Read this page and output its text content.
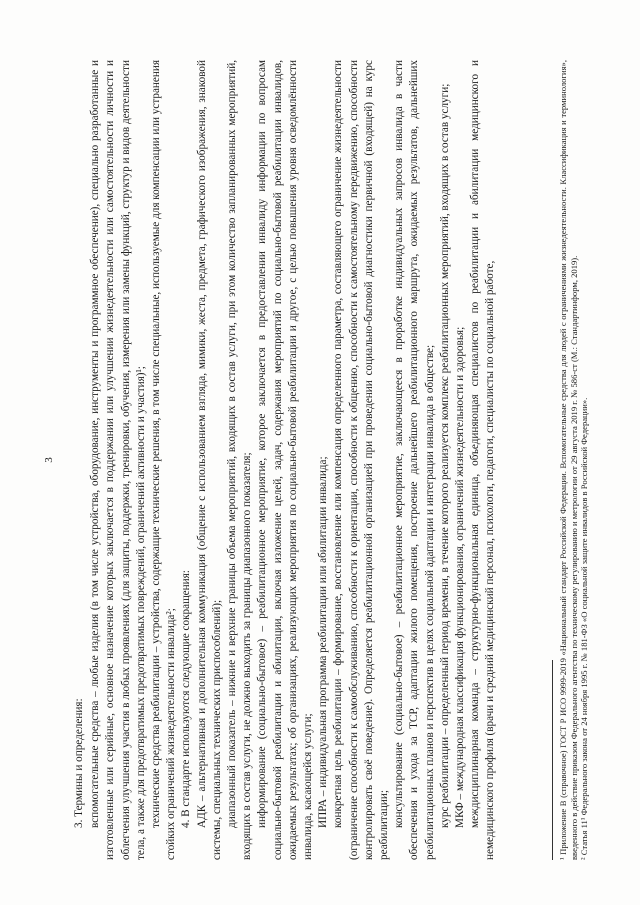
3

3. Термины и определения: вспомогательные средства – любые изделия (в том числе устройства, оборудование, инструменты и программное обеспечение), специально разработанные и изготовленные или серийные, основное назначение которых заключается в поддержании или улучшении жизнедеятельности или самостоятельности личности и облегчения улучшения участия в любых проявлениях (для защиты, поддержки, тренировки, обучения, измерения или замены функций, структур и видов деятельности тела, а также для предотвратимых предотвратимых повреждений, ограничений активности и участия)¹; технические средства реабилитации – устройства, содержащие технические решения, в том числе специальные, используемые для компенсации или устранения стойких ограничений жизнедеятельности инвалида²; 4. В стандарте используются следующие сокращения: АДК – альтернативная и дополнительная коммуникация (общение с использованием взгляда, мимики, жеста, предмета, графического изображения, знаковой системы, специальных технических приспособлений); диапазонный показатель – нижние и верхние границы объема мероприятий, входящих в состав услуги, при этом количество запланированных мероприятий, входящих в состав услуги, не должно выходить за границы диапазонного показателя; информирование (социально-бытовое) – реабилитационное мероприятие, которое заключается в предоставлении инвалиду информации по вопросам социально-бытовой реабилитации и абилитации, включая изложение целей, задач, содержания мероприятий по социально-бытовой реабилитации инвалидов, ожидаемых результатах; об организациях, реализующих мероприятия по социально-бытовой реабилитации и другое, с целью повышения уровня осведомлённости инвалида, касающейся услуги; ИПРА – индивидуальная программа реабилитации или абилитации инвалида; конкретная цель реабилитации – формирование, восстановление или компенсация определенного параметра, составляющего ограничение жизнедеятельности (ограничение способности к самообслуживанию, способности к ориентации, способности к общению, способности к самостоятельному передвижению, способности контролировать своё поведение). Определяется реабилитационной организацией при проведении социально-бытовой диагностики первичной (входящей) на курс реабилитации; консультирование (социально-бытовое) – реабилитационное мероприятие, заключающееся в проработке индивидуальных запросов инвалида в части обеспечения и ухода за ТСР, адаптации жилого помещения, построение дальнейшего реабилитационного маршрута, ожидаемых результатов, дальнейших реабилитационных планов и перспектив в целях социальной адаптации и интеграции инвалида в обществе; курс реабилитации – определенный период времени, в течение которого реализуется комплекс реабилитационных мероприятий, входящих в состав услуги; МКФ – международная классификация функционирования, ограничений жизнедеятельности и здоровья; междисциплинарная команда – структурно-функциональная единица, объединяющая специалистов по реабилитации и абилитации медицинского и немедицинского профиля (врачи и средний медицинский персонал, психологи, педагоги, специалисты по социальной работе,	¹ Приложение В (справочное) ГОСТ Р ИСО 9999-2019 «Национальный стандарт Российской Федерации. Вспомогательные средства для людей с ограничениями жизнедеятельности. Классификация и терминология», введенного в действие приказом Федерального агентства по техническому регулированию и метрологии от 29 августа 2019 г. № 586-ст (М.: Стандартинформ, 2019). ² Статья 11¹ Федерального закона от 24 ноября 1995 г. № 181-ФЗ «О социальной защите инвалидов в Российской Федерации».
